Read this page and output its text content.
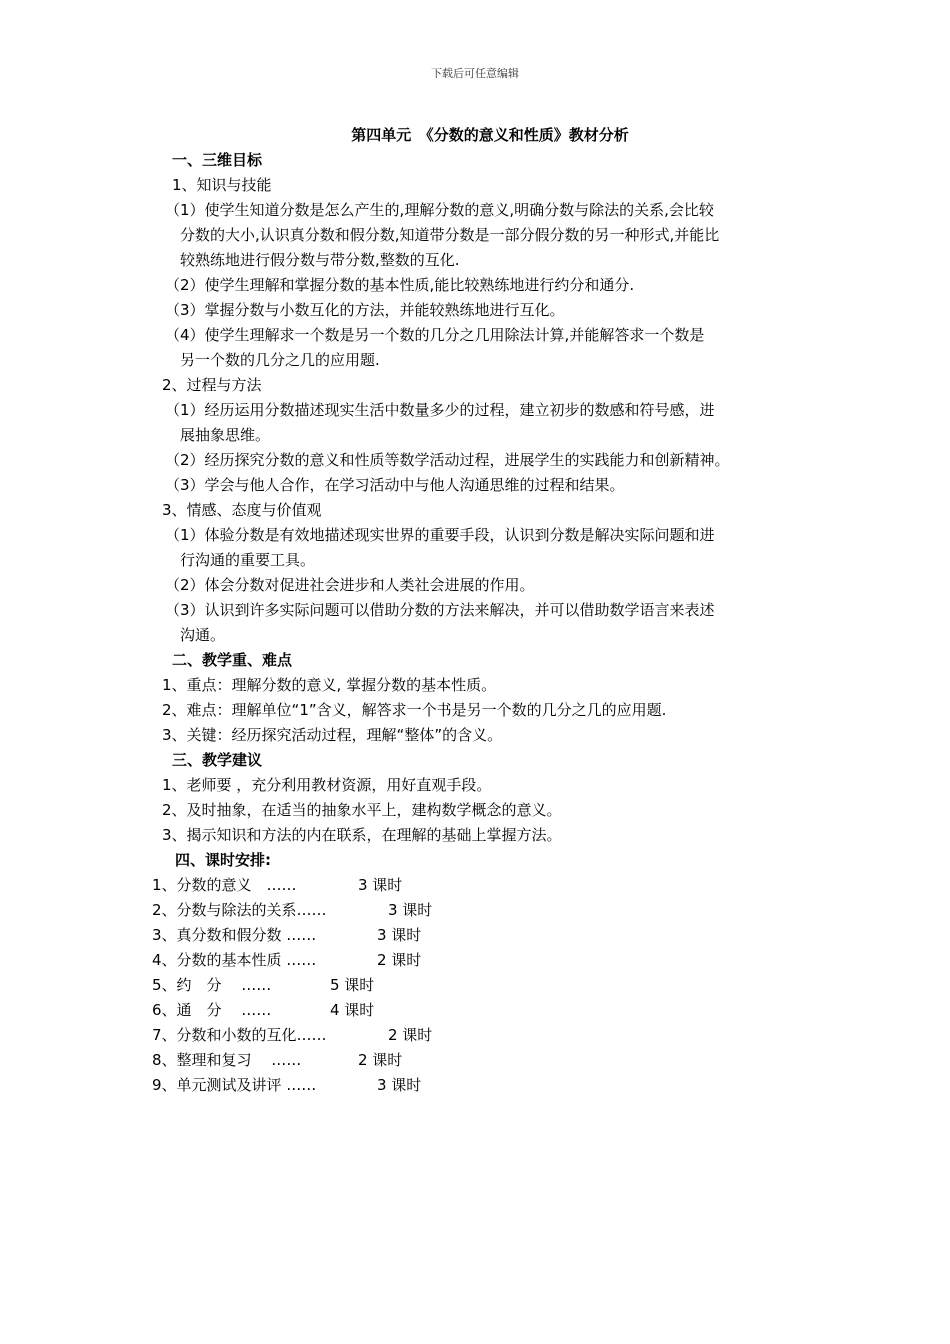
下载后可任意编辑
第四单元　《分数的意义和性质》教材分析
一、三维目标
1、知识与技能
（1）使学生知道分数是怎么产生的,理解分数的意义,明确分数与除法的关系,会比较
分数的大小,认识真分数和假分数,知道带分数是一部分假分数的另一种形式,并能比
较熟练地进行假分数与带分数,整数的互化.
（2）使学生理解和掌握分数的基本性质,能比较熟练地进行约分和通分.
（3）掌握分数与小数互化的方法，并能较熟练地进行互化。
（4）使学生理解求一个数是另一个数的几分之几用除法计算,并能解答求一个数是
另一个数的几分之几的应用题.
2、过程与方法
（1）经历运用分数描述现实生活中数量多少的过程，建立初步的数感和符号感，进
展抽象思维。
（2）经历探究分数的意义和性质等数学活动过程，进展学生的实践能力和创新精神。
（3）学会与他人合作，在学习活动中与他人沟通思维的过程和结果。
3、情感、态度与价值观
（1）体验分数是有效地描述现实世界的重要手段，认识到分数是解决实际问题和进
行沟通的重要工具。
（2）体会分数对促进社会进步和人类社会进展的作用。
（3）认识到许多实际问题可以借助分数的方法来解决，并可以借助数学语言来表述
沟通。
二、教学重、难点
1、重点：理解分数的意义, 掌握分数的基本性质。
2、难点：理解单位“1”含义，解答求一个书是另一个数的几分之几的应用题.
3、关键：经历探究活动过程，理解“整体”的含义。
三、教学建议
1、老师要 ，充分利用教材资源，用好直观手段。
2、及时抽象，在适当的抽象水平上，建构数学概念的意义。
3、揭示知识和方法的内在联系，在理解的基础上掌握方法。
四、课时安排:
1、分数的意义　……	3 课时
2、分数与除法的关系……	3 课时
3、真分数和假分数 ……	3 课时
4、分数的基本性质 ……	2 课时
5、约　分　 ……	5 课时
6、通　分　 ……	4 课时
7、分数和小数的互化……	2 课时
8、整理和复习　 ……	2 课时
9、单元测试及讲评 ……	3 课时
